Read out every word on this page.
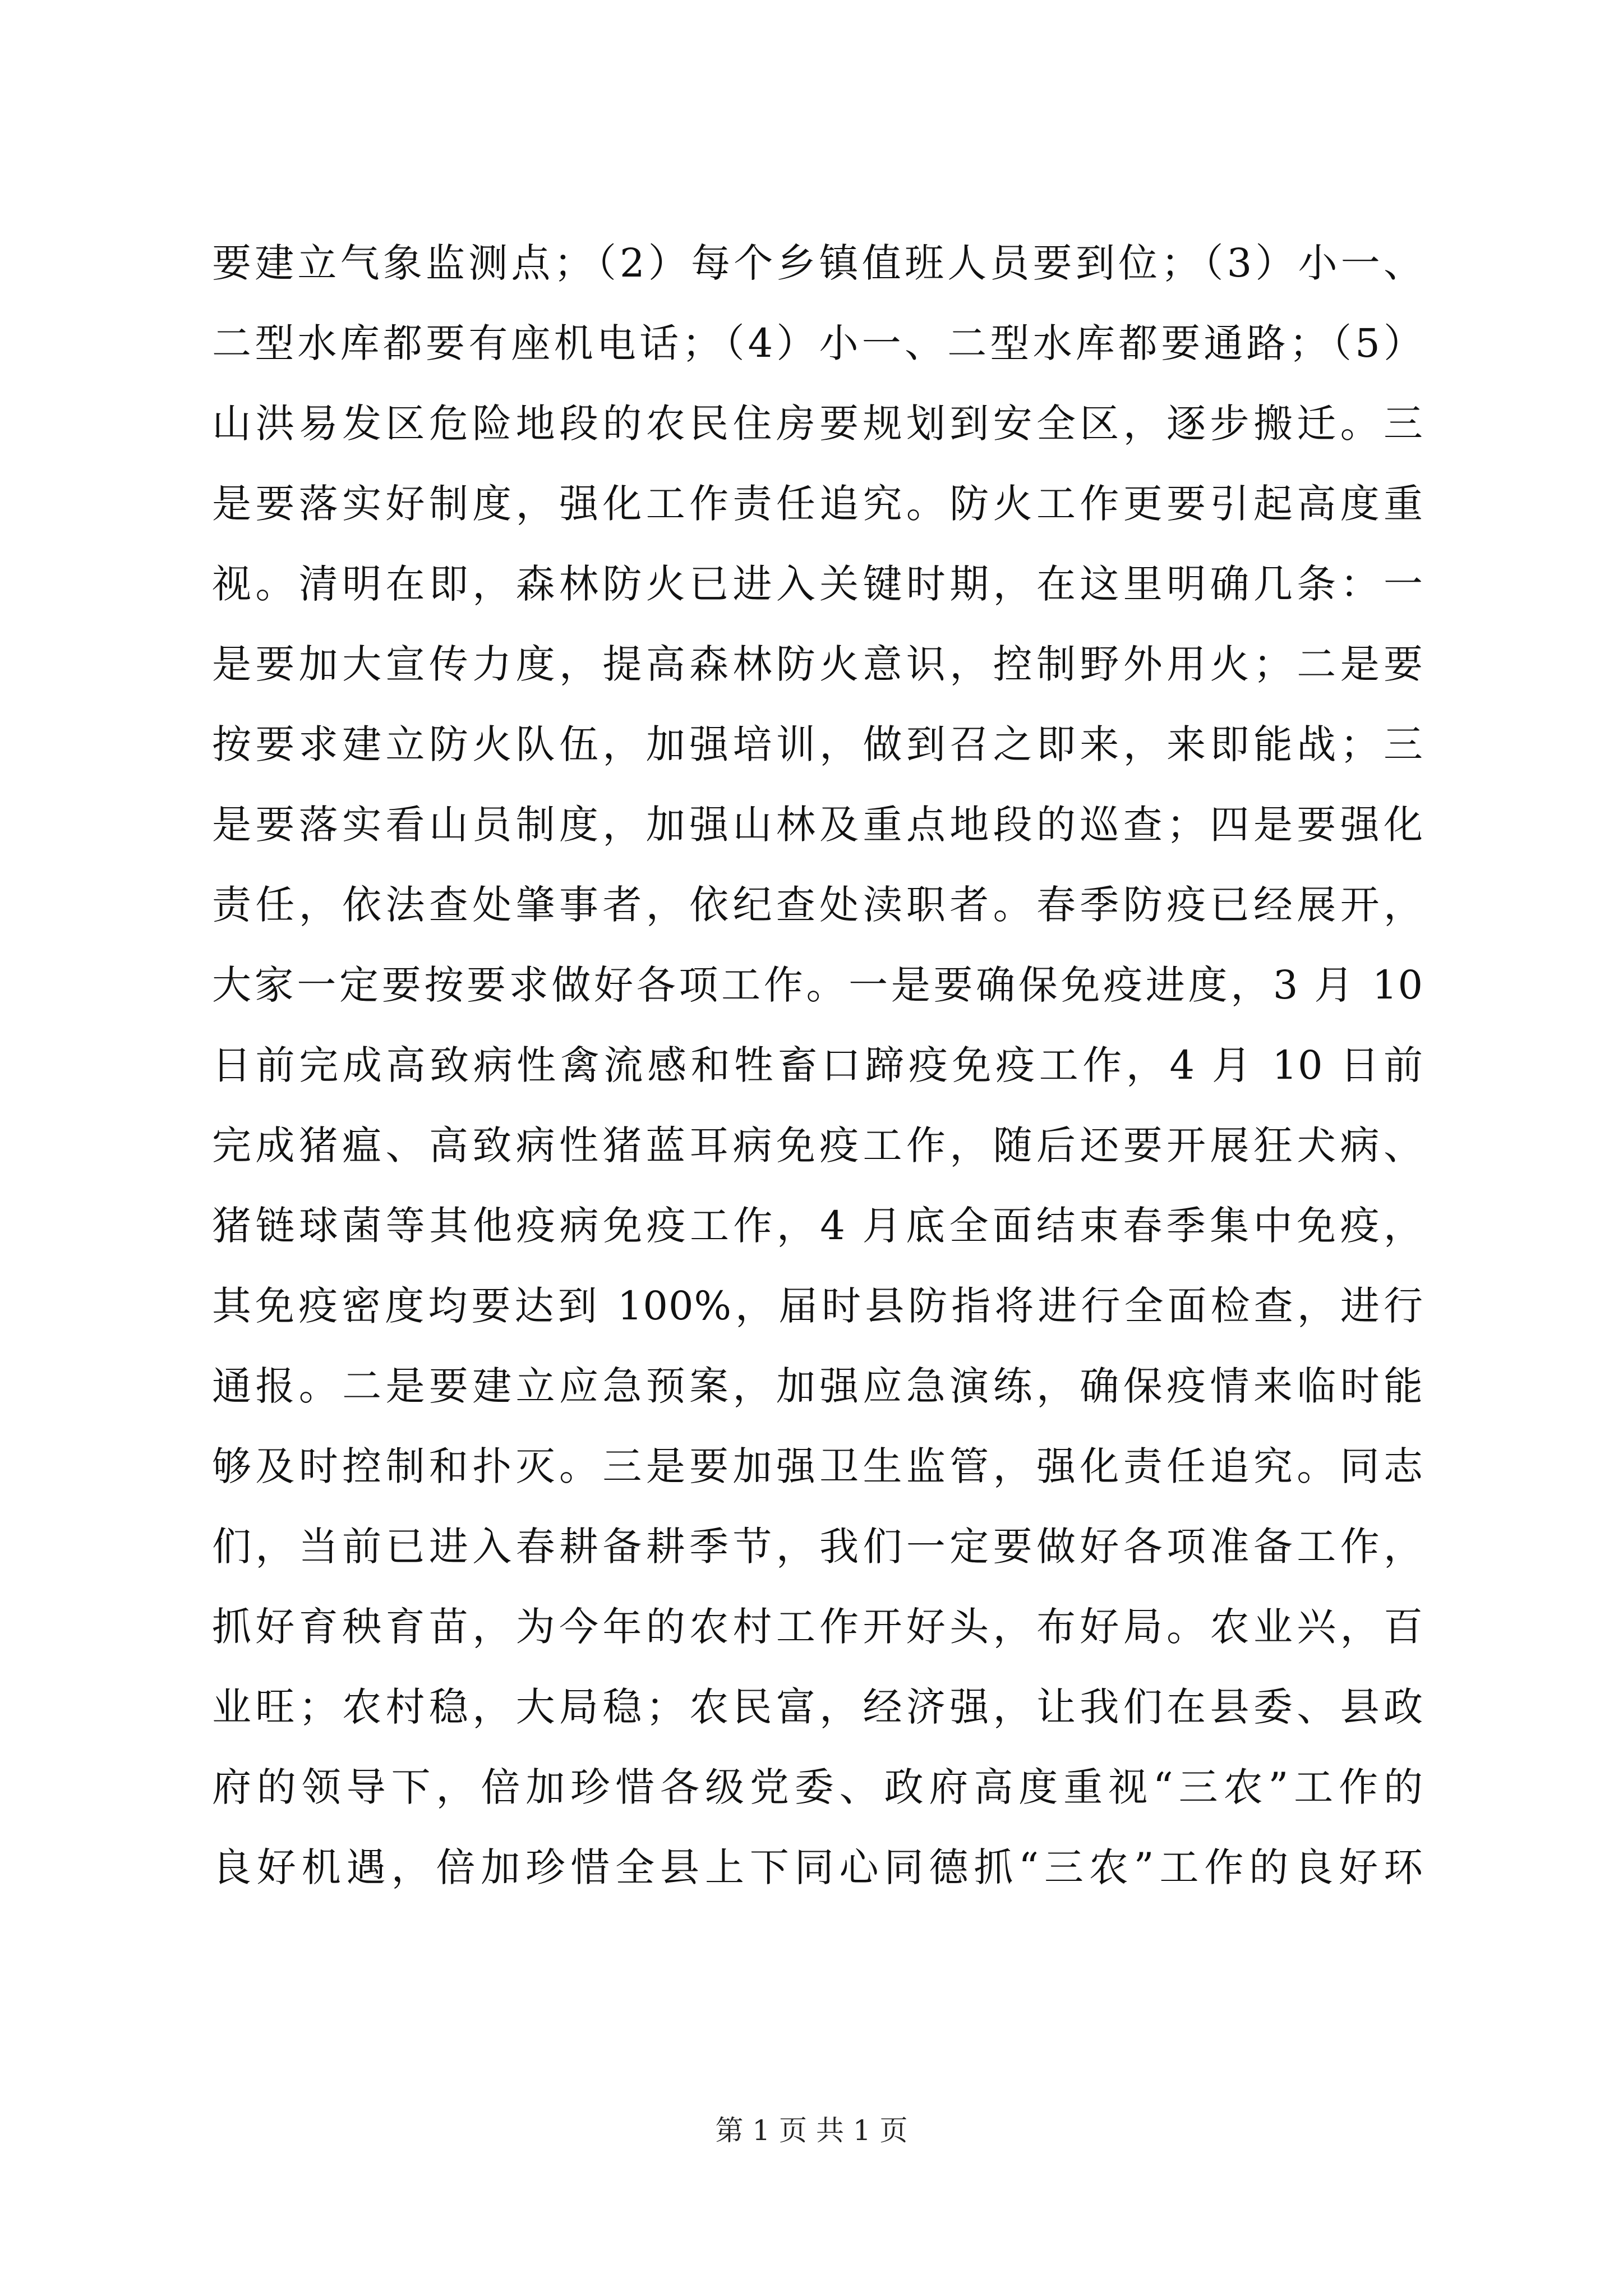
要建立气象监测点；（2）每个乡镇值班人员要到位；（3）小一、
二型水库都要有座机电话；（4）小一、二型水库都要通路；（5）
山洪易发区危险地段的农民住房要规划到安全区，逐步搬迁。三
是要落实好制度，强化工作责任追究。防火工作更要引起高度重
视。清明在即，森林防火已进入关键时期，在这里明确几条：一
是要加大宣传力度，提高森林防火意识，控制野外用火；二是要
按要求建立防火队伍，加强培训，做到召之即来，来即能战；三
是要落实看山员制度，加强山林及重点地段的巡查；四是要强化
责任，依法查处肇事者，依纪查处渎职者。春季防疫已经展开，
大家一定要按要求做好各项工作。一是要确保免疫进度，3 月 10
日前完成高致病性禽流感和牲畜口蹄疫免疫工作，4 月 10 日前
完成猪瘟、高致病性猪蓝耳病免疫工作，随后还要开展狂犬病、
猪链球菌等其他疫病免疫工作，4 月底全面结束春季集中免疫，
其免疫密度均要达到 100%，届时县防指将进行全面检查，进行
通报。二是要建立应急预案，加强应急演练，确保疫情来临时能
够及时控制和扑灭。三是要加强卫生监管，强化责任追究。同志
们，当前已进入春耕备耕季节，我们一定要做好各项准备工作，
抓好育秧育苗，为今年的农村工作开好头，布好局。农业兴，百
业旺；农村稳，大局稳；农民富，经济强，让我们在县委、县政
府的领导下，倍加珍惜各级党委、政府高度重视“三农”工作的
良好机遇，倍加珍惜全县上下同心同德抓“三农”工作的良好环
第 1 页 共 1 页
